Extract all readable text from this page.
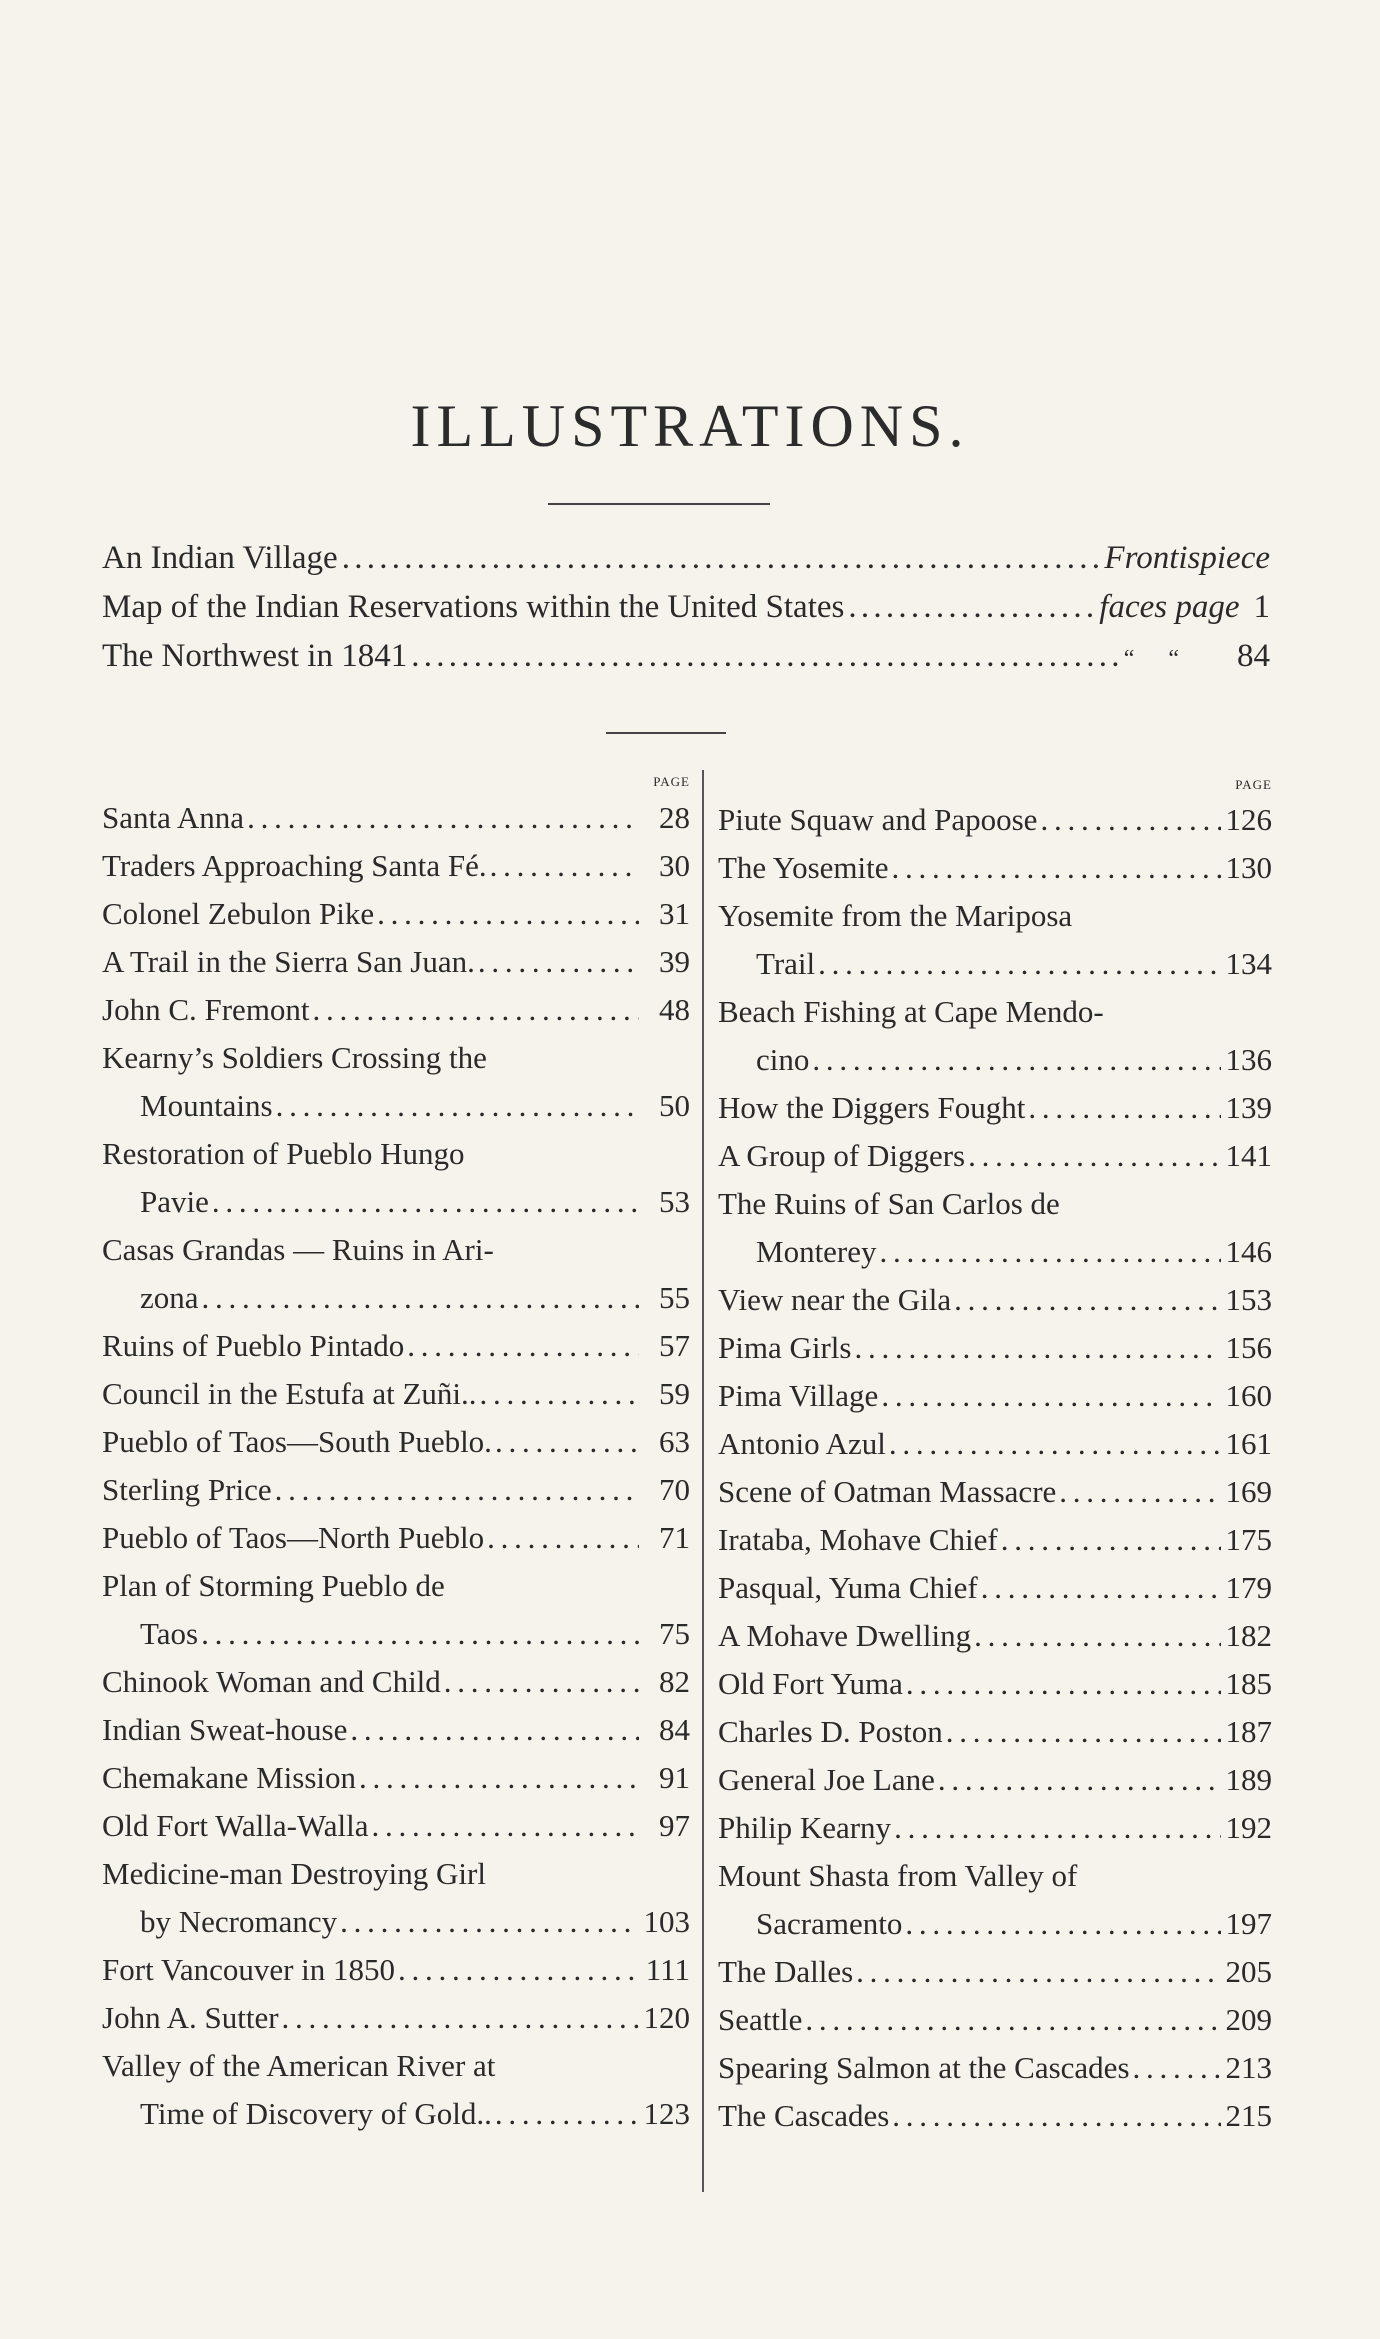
ILLUSTRATIONS.
An Indian Village . . .	Frontispiece
Map of the Indian Reservations within the United States . . .	faces page 1
The Northwest in 1841 . . .	“ “ 84
PAGE
Santa Anna . . .	28
Traders Approaching Santa Fé. . . .	30
Colonel Zebulon Pike . . .	31
A Trail in the Sierra San Juan. . . .	39
John C. Fremont . . .	48
Kearny’s Soldiers Crossing the
Mountains . . .	50
Restoration of Pueblo Hungo
Pavie . . .	53
Casas Grandas — Ruins in Ari-
zona . . .	55
Ruins of Pueblo Pintado . . .	57
Council in the Estufa at Zuñi.. . . .	59
Pueblo of Taos—South Pueblo. . . .	63
Sterling Price . . .	70
Pueblo of Taos—North Pueblo . . .	71
Plan of Storming Pueblo de
Taos . . .	75
Chinook Woman and Child . . .	82
Indian Sweat-house . . .	84
Chemakane Mission . . .	91
Old Fort Walla-Walla . . .	97
Medicine-man Destroying Girl
by Necromancy . . .	103
Fort Vancouver in 1850 . . .	111
John A. Sutter . . .	120
Valley of the American River at
Time of Discovery of Gold.. . . .	123
PAGE
Piute Squaw and Papoose . . .	126
The Yosemite . . .	130
Yosemite from the Mariposa
Trail . . .	134
Beach Fishing at Cape Mendo-
cino . . .	136
How the Diggers Fought . . .	139
A Group of Diggers . . .	141
The Ruins of San Carlos de
Monterey . . .	146
View near the Gila . . .	153
Pima Girls . . .	156
Pima Village . . .	160
Antonio Azul . . .	161
Scene of Oatman Massacre . . .	169
Irataba, Mohave Chief . . .	175
Pasqual, Yuma Chief . . .	179
A Mohave Dwelling . . .	182
Old Fort Yuma . . .	185
Charles D. Poston . . .	187
General Joe Lane . . .	189
Philip Kearny . . .	192
Mount Shasta from Valley of
Sacramento . . .	197
The Dalles . . .	205
Seattle . . .	209
Spearing Salmon at the Cascades . . .	213
The Cascades . . .	215
